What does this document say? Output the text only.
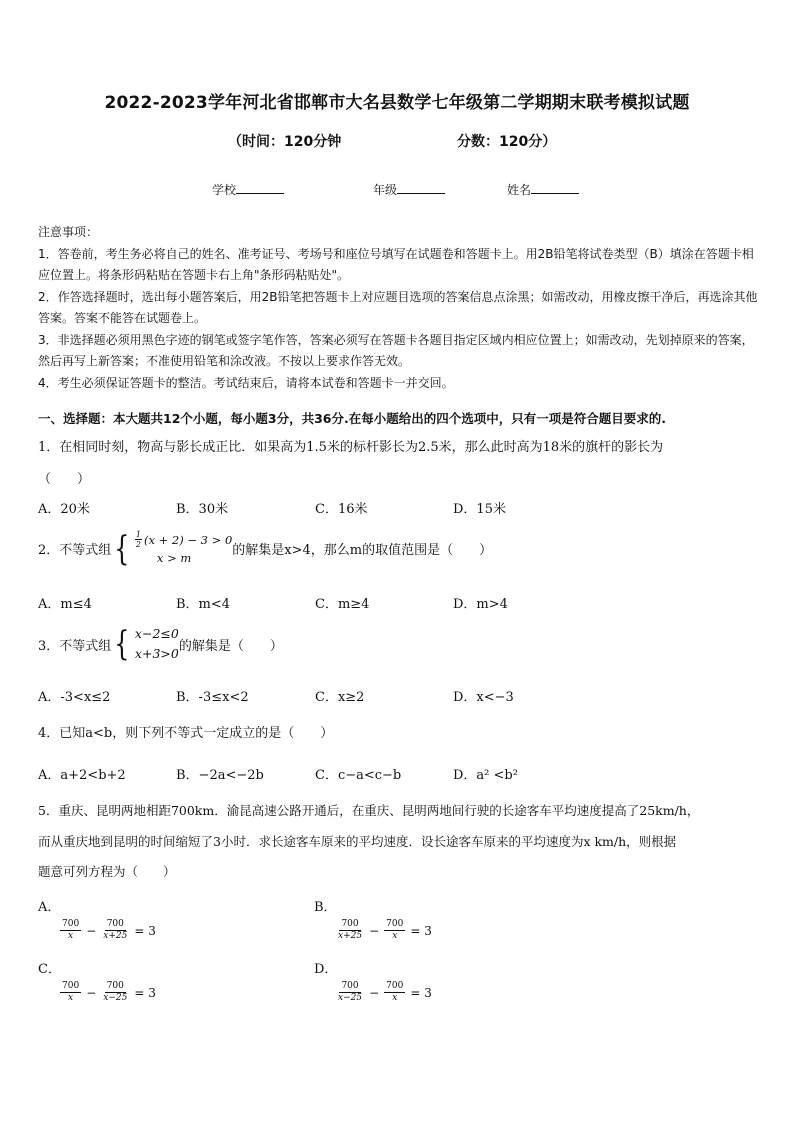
2022-2023学年河北省邯郸市大名县数学七年级第二学期期末联考模拟试题
（时间：120分钟	分数：120分）
学校	年级	姓名
注意事项：
1．答卷前，考生务必将自己的姓名、准考证号、考场号和座位号填写在试题卷和答题卡上。用2B铅笔将试卷类型（B）填涂在答题卡相应位置上。将条形码粘贴在答题卡右上角"条形码粘贴处"。
2．作答选择题时，选出每小题答案后，用2B铅笔把答题卡上对应题目选项的答案信息点涂黑；如需改动，用橡皮擦干净后，再选涂其他答案。答案不能答在试题卷上。
3．非选择题必须用黑色字迹的钢笔或签字笔作答，答案必须写在答题卡各题目指定区域内相应位置上；如需改动，先划掉原来的答案，然后再写上新答案；不准使用铅笔和涂改液。不按以上要求作答无效。
4．考生必须保证答题卡的整洁。考试结束后，请将本试卷和答题卡一并交回。
一、选择题：本大题共12个小题，每小题3分，共36分.在每小题给出的四个选项中，只有一项是符合题目要求的.
1．在相同时刻，物高与影长成正比．如果高为1.5米的标杆影长为2.5米，那么此时高为18米的旗杆的影长为
（　　）
A．20米	B．30米	C．16米	D．15米
2．不等式组 { $\frac{1}{2} (x + 2) - 3 > 0$
x > m	的解集是x>4，那么m的取值范围是（　　）
A．m≤4	B．m<4	C．m≥4	D．m>4
3．不等式组 { x−2≤0
x+3>0 的解集是（　　）
A．-3<x≤2	B．-3≤x<2	C．x≥2	D．x<−3
4．已知a<b，则下列不等式一定成立的是（　　）
A．a+2<b+2	B．−2a<−2b	C．c−a<c−b	D．a² <b²
5．重庆、昆明两地相距700km．渝昆高速公路开通后，在重庆、昆明两地间行驶的长途客车平均速度提高了25km/h，
而从重庆地到昆明的时间缩短了3小时．求长途客车原来的平均速度．设长途客车原来的平均速度为x km/h，则根据
题意可列方程为（　　）
A．
$\frac{700}{x} - \frac{700}{x+25} = 3$
B．
$\frac{700}{x+25} - \frac{700}{x} = 3$
C．
$\frac{700}{x} - \frac{700}{x-25} = 3$
D．
$\frac{700}{x-25} - \frac{700}{x} = 3$
